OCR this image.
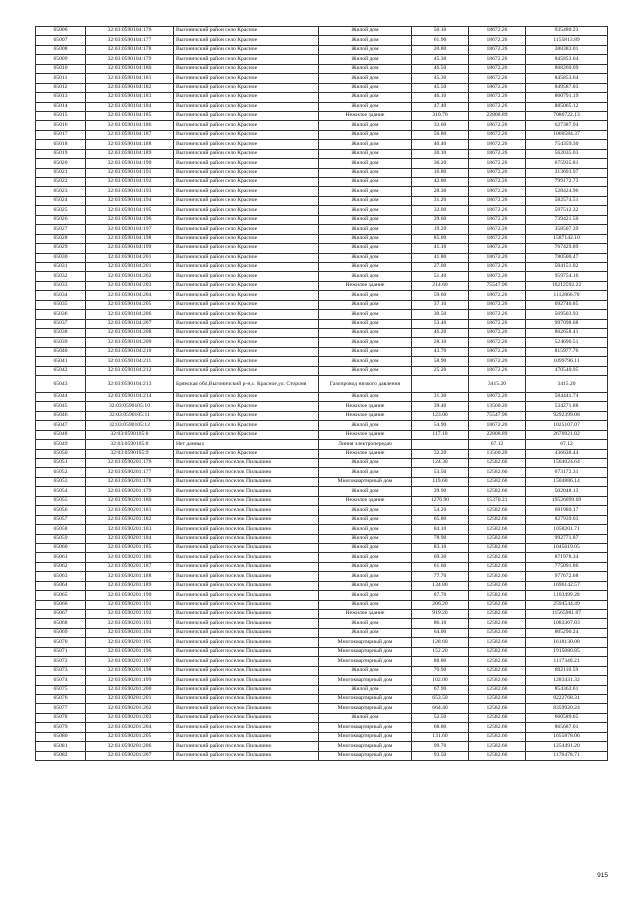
65006	32:03:0590104:176	Выгоничский район село Красное	Жилой дом	50.10	18672.26	935480.23
65007	32:03:0590104:177	Выгоничский район село Красное	Жилой дом	61.90	18672.26	1155813.89
65008	32:03:0590104:178	Выгоничский район село Красное	Жилой дом	20.80	18672.26	388383.01
65009	32:03:0590104:179	Выгоничский район село Красное	Жилой дом	45.30	18672.26	845853.64
65010	32:03:0590104:180	Выгоничский район село Красное	Жилой дом	46.50	18672.26	868260.09
65011	32:03:0590104:181	Выгоничский район село Красное	Жилой дом	45.30	18672.26	845853.64
65012	32:03:0590104:182	Выгоничский район село Красное	Жилой дом	45.50	18672.26	849587.83
65013	32:03:0590104:183	Выгоничский район село Красное	Жилой дом	46.10	18672.26	860791.19
65014	32:03:0590104:184	Выгоничский район село Красное	Жилой дом	47.40	18672.26	885065.12
65015	32:03:0590104:185	Выгоничский район село Красное	Нежилое здание	310.70	22808.89	7086722.13
65016	32:03:0590104:186	Выгоничский район село Красное	Жилой дом	33.60	18672.26	627387.94
65017	32:03:0590104:187	Выгоничский район село Красное	Жилой дом	56.80	18672.26	1060584.37
65018	32:03:0590104:188	Выгоничский район село Красное	Жилой дом	40.40	18672.26	754359.30
65019	32:03:0590104:189	Выгоничский район село Красное	Жилой дом	30.10	18672.26	562035.03
65020	32:03:0590104:190	Выгоничский район село Красное	Жилой дом	36.20	18672.26	675935.81
65021	32:03:0590104:191	Выгоничский район село Красное	Жилой дом	16.80	18672.26	313693.97
65022	32:03:0590104:192	Выгоничский район село Красное	Жилой дом	42.80	18672.26	799172.73
65023	32:03:0590104:193	Выгоничский район село Красное	Жилой дом	28.30	18672.26	528424.96
65024	32:03:0590104:194	Выгоничский район село Красное	Жилой дом	31.20	18672.26	582574.51
65025	32:03:0590104:195	Выгоничский район село Красное	Жилой дом	32.00	18672.26	597512.32
65026	32:03:0590104:196	Выгоничский район село Красное	Жилой дом	39.60	18672.26	739421.50
65027	32:03:0590104:197	Выгоничский район село Красное	Жилой дом	19.20	18672.26	358507.39
65028	32:03:0590104:198	Выгоничский район село Красное	Жилой дом	85.00	18672.26	1587142.10
65029	32:03:0590104:199	Выгоничский район село Красное	Жилой дом	41.10	18672.26	767429.89
65030	32:03:0590104:201	Выгоничский район село Красное	Жилой дом	41.80	18672.26	780500.47
65031	32:03:0590104:201	Выгоничский район село Красное	Жилой дом	27.00	18672.26	504151.02
65032	32:03:0590104:202	Выгоничский район село Красное	Жилой дом	51.40	18672.26	959754.16
65033	32:03:0590104:203	Выгоничский район село Красное	Нежилое здание	214.60	75547.96	16212592.22
65034	32:03:0590104:204	Выгоничский район село Красное	Жилой дом	59.60	18672.26	1112866.70
65035	32:03:0590104:205	Выгоничский район село Красное	Жилой дом	37.10	18672.26	692740.85
65036	32:03:0590104:206	Выгоничский район село Красное	Жилой дом	30.50	18672.26	569503.93
65037	32:03:0590104:207	Выгоничский район село Красное	Жилой дом	53.40	18672.26	997098.68
65038	32:03:0590104:208	Выгоничский район село Красное	Жилой дом	46.20	18672.26	862658.41
65039	32:03:0590104:209	Выгоничский район село Красное	Жилой дом	28.10	18672.26	524690.51
65040	32:03:0590104:210	Выгоничский район село Красное	Жилой дом	43.70	18672.26	815977.76
65041	32:03:0590104:211	Выгоничский район село Красное	Жилой дом	58.90	18672.26	1099796.11
65042	32:03:0590104:212	Выгоничский район село Красное	Жилой дом	25.20	18672.26	470540.95
65043	32:03:0590104:213	Брянская обл,Выгоничский р-н,с. Красное,ул. Стороня	Газопровод низкого давления		3415.20	3415.20
65044	32:03:0590104:214	Выгоничский район село Красное	Жилой дом	31.30	18672.26	584441.74
65045	32:03:0590105:10	Выгоничский район село Красное	Нежилое здание	39.40	13560.20	534271.88
65046	32:03:0590105:11	Выгоничский район село Красное	Нежилое здание	123.00	75547.96	9292399.08
65047	32:03:0590105:12	Выгоничский район село Красное	Жилой дом	54.90	18672.26	1025107.07
65048	32:03:0590105:8	Выгоничский район село Красное	Нежилое здание	117.10	22808.89	2670921.02
65049	32:03:0590105:8	Нет данных	Линия электропередач		67.12	67.12
65050	32:03:0590105:9	Выгоничский район село Красное	Нежилое здание	32.20	13560.20	436638.44
65051	32:03:0590201:176	Выгоничский район поселок Пильшино	Жилой дом	124.30	12582.66	1564024.64
65052	32:03:0590201:177	Выгоничский район поселок Пильшино	Жилой дом	53.50	12582.66	673172.31
65053	32:03:0590201:178	Выгоничский район поселок Пильшино	Многоквартирный дом	119.60	12582.66	1504886.14
65054	32:03:0590201:179	Выгоничский район поселок Пильшино	Жилой дом	39.90	12582.66	502048.13
65055	32:03:0590201:180	Выгоничский район поселок Пильшино	Нежилое здание	1276.90	15370.21	19526099.69
65056	32:03:0590201:181	Выгоничский район поселок Пильшино	Жилой дом	54.20	12582.66	681980.17
65057	32:03:0590201:182	Выгоничский район поселок Пильшино	Жилой дом	65.80	12582.66	827939.03
65058	32:03:0590201:183	Выгоничский район поселок Пильшино	Жилой дом	84.10	12582.66	1058201.71
65059	32:03:0590201:184	Выгоничский район поселок Пильшино	Жилой дом	78.90	12582.66	992771.87
65060	32:03:0590201:185	Выгоничский район поселок Пильшино	Жилой дом	83.10	12582.66	1045619.05
65061	32:03:0590201:186	Выгоничский район поселок Пильшино	Жилой дом	69.30	12582.66	871978.34
65062	32:03:0590201:187	Выгоничский район поселок Пильшино	Жилой дом	61.60	12582.66	775091.86
65063	32:03:0590201:188	Выгоничский район поселок Пильшино	Жилой дом	77.70	12582.66	977672.68
65064	32:03:0590201:189	Выгоничский район поселок Пильшино	Жилой дом	134.80	12582.66	1696142.57
65065	32:03:0590201:190	Выгоничский район поселок Пильшино	Жилой дом	87.70	12582.66	1103499.28
65066	32:03:0590201:191	Выгоничский район поселок Пильшино	Жилой дом	206.20	12582.66	2594544.49
65067	32:03:0590201:192	Выгоничский район поселок Пильшино	Нежилое здание	919.20	12582.66	11565981.07
65068	32:03:0590201:193	Выгоничский район поселок Пильшино	Жилой дом	86.10	12582.66	1083367.03
65069	32:03:0590201:194	Выгоничский район поселок Пильшино	Жилой дом	64.00	12582.66	805290.24
65070	32:03:0590201:195	Выгоничский район поселок Пильшино	Многоквартирный дом	128.60	12582.66	1618130.08
65071	32:03:0590201:196	Выгоничский район поселок Пильшино	Многоквартирный дом	152.20	12582.66	1915080.85
65072	32:03:0590201:197	Выгоничский район поселок Пильшино	Многоквартирный дом	88.80	12582.66	1117340.21
65073	32:03:0590201:198	Выгоничский район поселок Пильшино	Жилой дом	70.90	12582.66	892110.59
65074	32:03:0590201:199	Выгоничский район поселок Пильшино	Многоквартирный дом	102.00	12582.66	1283431.32
65075	32:03:0590201:200	Выгоничский район поселок Пильшино	Жилой дом	67.90	12582.66	854362.61
65076	32:03:0590201:201	Выгоничский район поселок Пильшино	Многоквартирный дом	653.50	12582.66	8222768.31
65077	32:03:0590201:202	Выгоничский район поселок Пильшино	Многоквартирный дом	664.40	12582.66	8359920.24
65078	32:03:0590201:203	Выгоничский район поселок Пильшино	Жилой дом	52.50	12582.66	660589.65
65079	32:03:0590201:204	Выгоничский район поселок Пильшино	Многоквартирный дом	68.80	12582.66	865687.01
65080	32:03:0590201:205	Выгоничский район поселок Пильшино	Многоквартирный дом	131.60	12582.66	1655878.06
65081	32:03:0590201:206	Выгоничский район поселок Пильшино	Многоквартирный дом	99.70	12582.66	1254491.20
65082	32:03:0590201:207	Выгоничский район поселок Пильшино	Многоквартирный дом	93.50	12582.66	1176478.71
915
